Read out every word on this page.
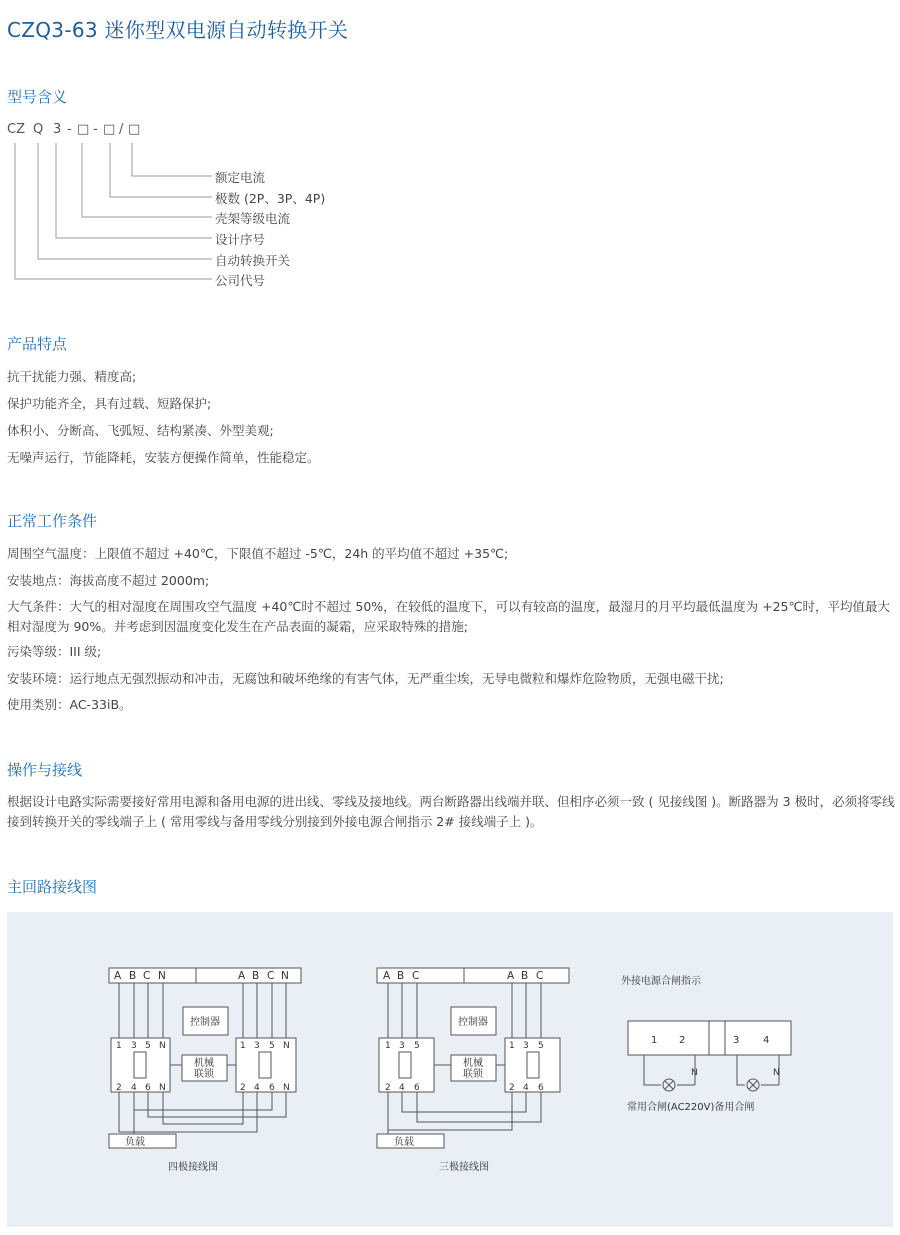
CZQ3-63 迷你型双电源自动转换开关
型号含义
CZ Q 3 - □ - □ / □
额定电流
极数 (2P、3P、4P)
壳架等级电流
设计序号
自动转换开关
公司代号
产品特点
抗干扰能力强、精度高;
保护功能齐全，具有过载、短路保护;
体积小、分断高、飞弧短、结构紧凑、外型美观;
无噪声运行，节能降耗，安装方便操作简单，性能稳定。
正常工作条件
周围空气温度：上限值不超过 +40℃，下限值不超过 -5℃，24h 的平均值不超过 +35℃;
安装地点：海拔高度不超过 2000m;
大气条件：大气的相对湿度在周围攻空气温度 +40℃时不超过 50%，在较低的温度下，可以有较高的温度，最湿月的月平均最低温度为 +25℃时，平均值最大相对湿度为 90%。并考虑到因温度变化发生在产品表面的凝霜，应采取特殊的措施;
污染等级：III 级;
安装环境：运行地点无强烈振动和冲击，无腐蚀和破坏绝缘的有害气体，无严重尘埃，无导电微粒和爆炸危险物质，无强电磁干扰;
使用类别：AC-33iB。
操作与接线
根据设计电路实际需要接好常用电源和备用电源的进出线、零线及接地线。两台断路器出线端并联、但相序必须一致 ( 见接线图 )。断路器为 3 极时，必须将零线接到转换开关的零线端子上 ( 常用零线与备用零线分别接到外接电源合闸指示 2# 接线端子上 )。
主回路接线图
A B C N	A B C N
控制器
1 3 5 N	1 3 5 N
机械
联锁
2 4 6 N	2 4 6 N
负载
四极接线图
A B C	A B C
控制器
1 3 5	1 3 5
机械
联锁
2 4 6	2 4 6
负载
三极接线图
外接电源合闸指示
1 2	3 4
N	N
常用合闸(AC220V)备用合闸
